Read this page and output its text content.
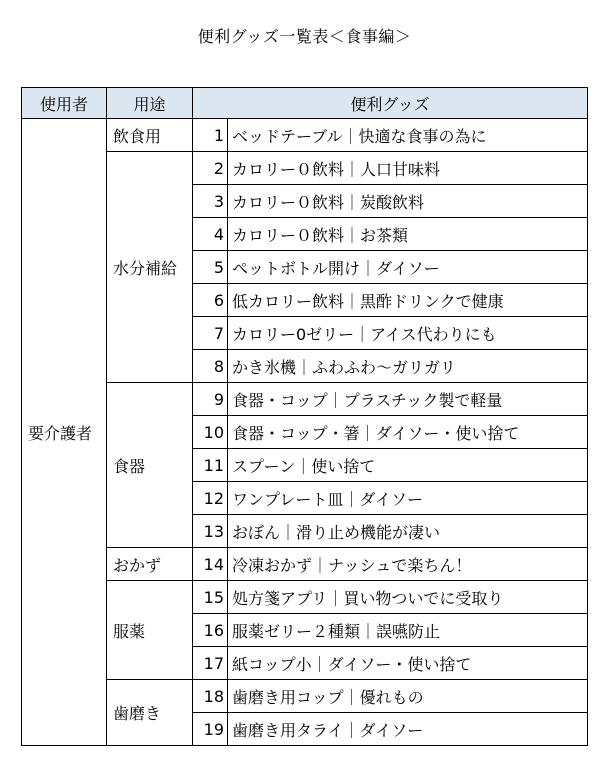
便利グッズ一覧表＜食事編＞
使用者	用途	便利グッズ	
要介護者	飲食用	1	ベッドテーブル｜快適な食事の為に
	水分補給	2	カロリー０飲料｜人口甘味料
		3	カロリー０飲料｜炭酸飲料
		4	カロリー０飲料｜お茶類
		5	ペットボトル開け｜ダイソー
		6	低カロリー飲料｜黒酢ドリンクで健康
		7	カロリー0ゼリー｜アイス代わりにも
		8	かき氷機｜ふわふわ～ガリガリ
	食器	9	食器・コップ｜プラスチック製で軽量
		10	食器・コップ・箸｜ダイソー・使い捨て
		11	スプーン｜使い捨て
		12	ワンプレート皿｜ダイソー
		13	おぼん｜滑り止め機能が凄い
	おかず	14	冷凍おかず｜ナッシュで楽ちん！
	服薬	15	処方箋アプリ｜買い物ついでに受取り
		16	服薬ゼリー２種類｜誤嚥防止
		17	紙コップ小｜ダイソー・使い捨て
	歯磨き	18	歯磨き用コップ｜優れもの
		19	歯磨き用タライ｜ダイソー
